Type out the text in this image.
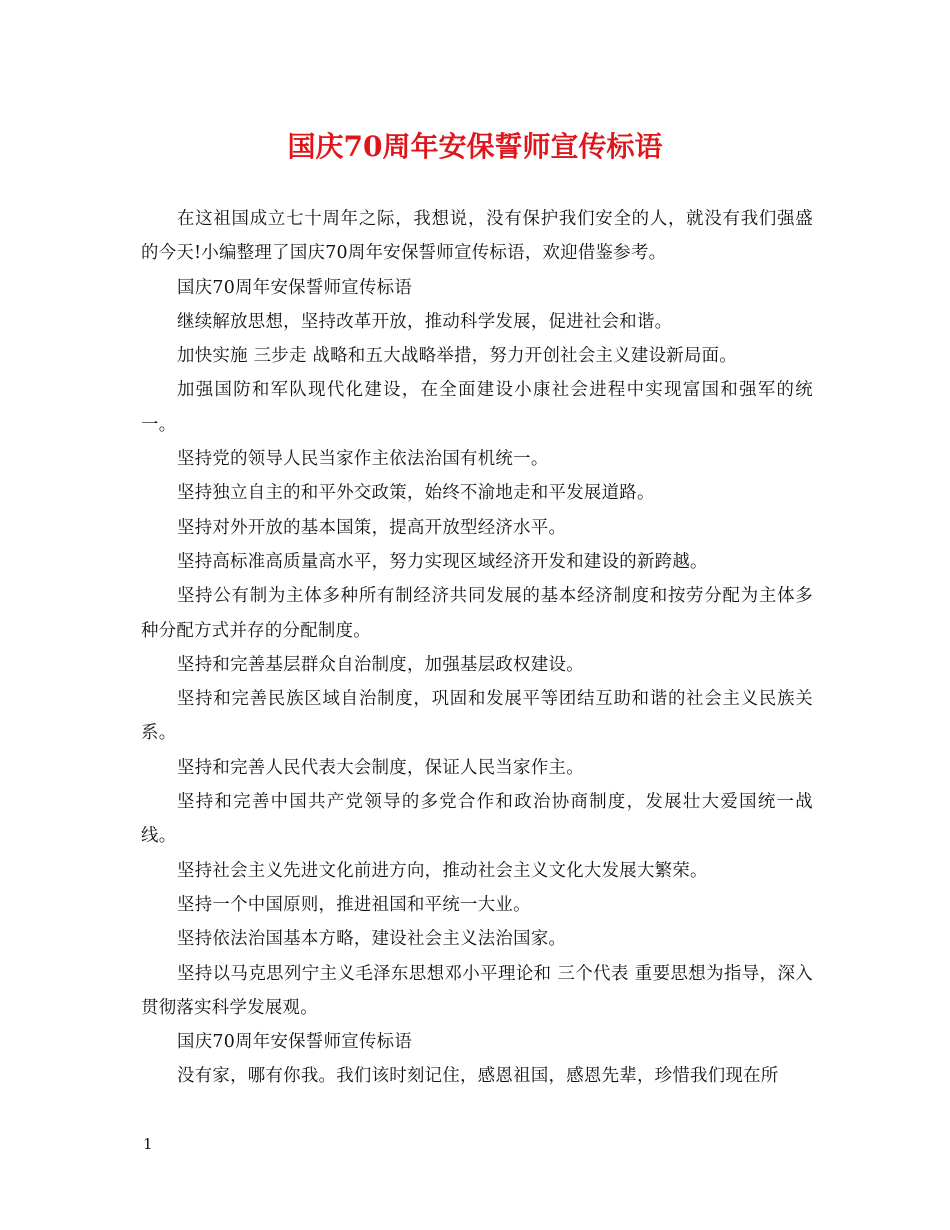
国庆70周年安保誓师宣传标语

在这祖国成立七十周年之际，我想说，没有保护我们安全的人，就没有我们强盛的今天!小编整理了国庆70周年安保誓师宣传标语，欢迎借鉴参考。

国庆70周年安保誓师宣传标语

继续解放思想，坚持改革开放，推动科学发展，促进社会和谐。

加快实施 三步走 战略和五大战略举措，努力开创社会主义建设新局面。

加强国防和军队现代化建设，在全面建设小康社会进程中实现富国和强军的统一。

坚持党的领导人民当家作主依法治国有机统一。

坚持独立自主的和平外交政策，始终不渝地走和平发展道路。

坚持对外开放的基本国策，提高开放型经济水平。

坚持高标准高质量高水平，努力实现区域经济开发和建设的新跨越。

坚持公有制为主体多种所有制经济共同发展的基本经济制度和按劳分配为主体多种分配方式并存的分配制度。

坚持和完善基层群众自治制度，加强基层政权建设。

坚持和完善民族区域自治制度，巩固和发展平等团结互助和谐的社会主义民族关系。

坚持和完善人民代表大会制度，保证人民当家作主。

坚持和完善中国共产党领导的多党合作和政治协商制度，发展壮大爱国统一战线。

坚持社会主义先进文化前进方向，推动社会主义文化大发展大繁荣。

坚持一个中国原则，推进祖国和平统一大业。

坚持依法治国基本方略，建设社会主义法治国家。

坚持以马克思列宁主义毛泽东思想邓小平理论和 三个代表 重要思想为指导，深入贯彻落实科学发展观。

国庆70周年安保誓师宣传标语

没有家，哪有你我。我们该时刻记住，感恩祖国，感恩先辈，珍惜我们现在所

1
